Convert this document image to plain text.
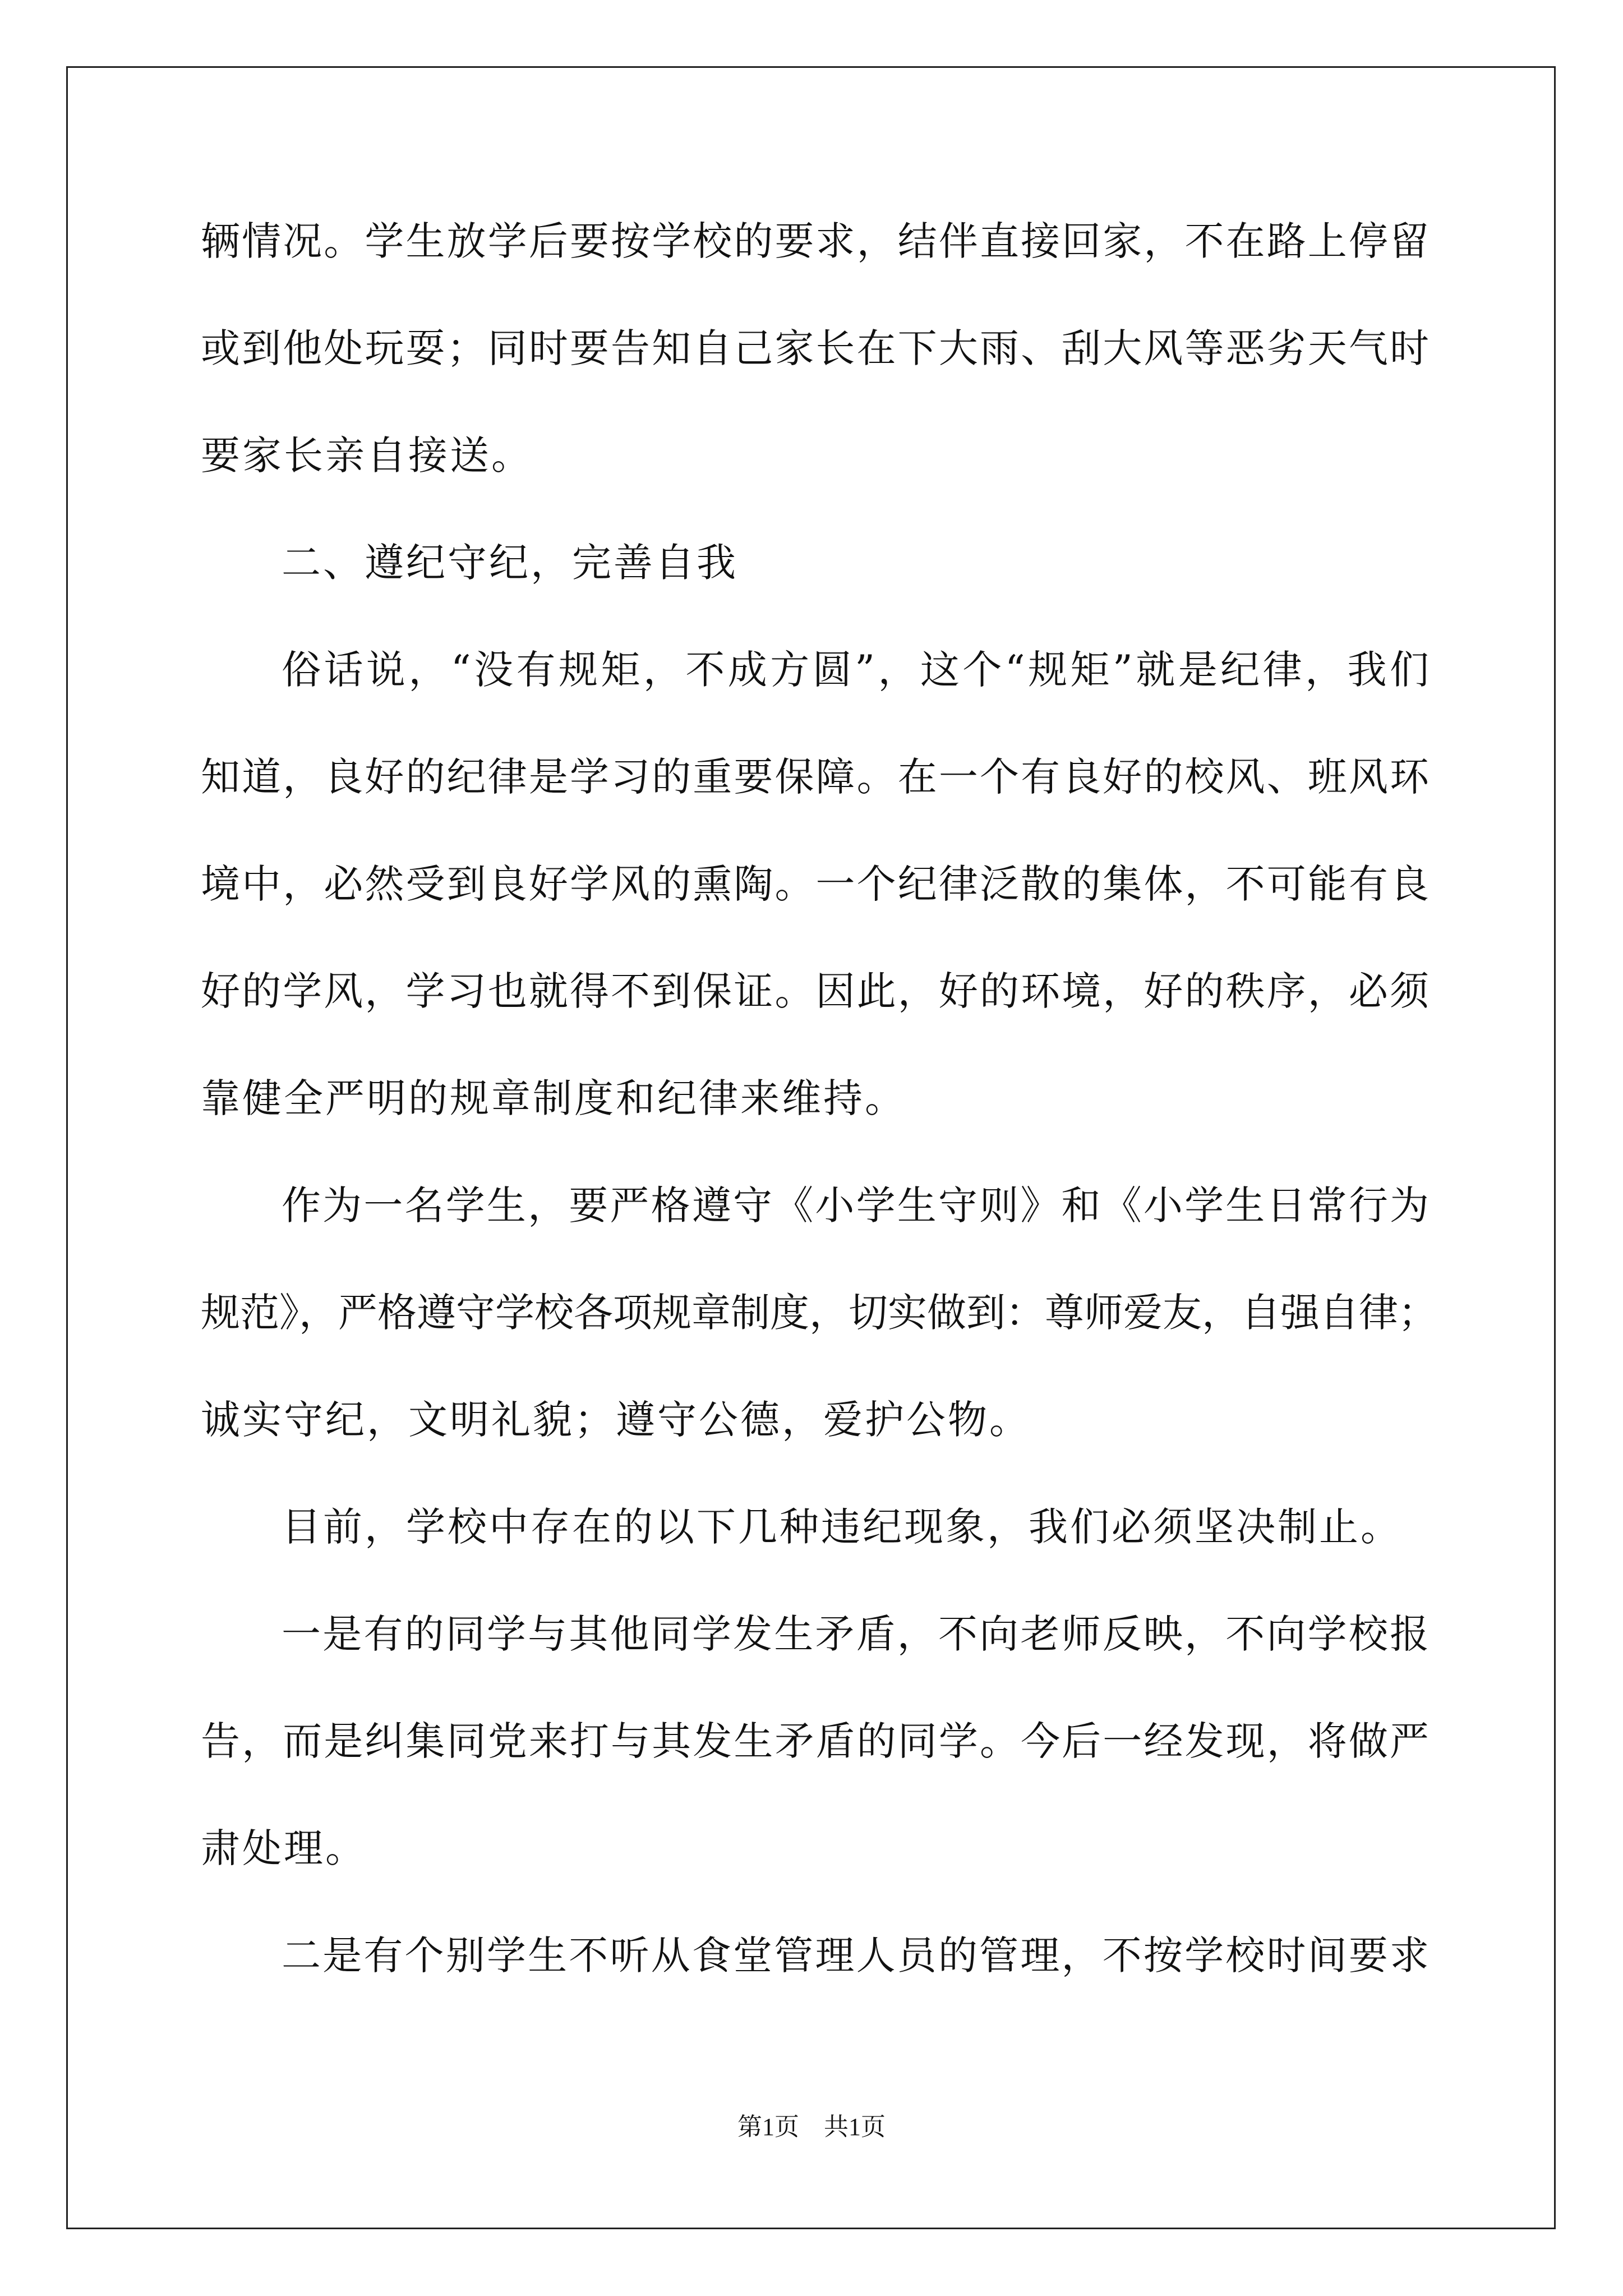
辆情况。学生放学后要按学校的要求，结伴直接回家，不在路上停留
或到他处玩耍；同时要告知自己家长在下大雨、刮大风等恶劣天气时
要家长亲自接送。
二、遵纪守纪，完善自我
俗话说，“没有规矩，不成方圆”，这个“规矩”就是纪律，我们
知道，良好的纪律是学习的重要保障。在一个有良好的校风、班风环
境中，必然受到良好学风的熏陶。一个纪律泛散的集体，不可能有良
好的学风，学习也就得不到保证。因此，好的环境，好的秩序，必须
靠健全严明的规章制度和纪律来维持。
作为一名学生，要严格遵守《小学生守则》和《小学生日常行为
规范》，严格遵守学校各项规章制度，切实做到：尊师爱友，自强自律；
诚实守纪，文明礼貌；遵守公德，爱护公物。
目前，学校中存在的以下几种违纪现象，我们必须坚决制止。
一是有的同学与其他同学发生矛盾，不向老师反映，不向学校报
告，而是纠集同党来打与其发生矛盾的同学。今后一经发现，将做严
肃处理。
二是有个别学生不听从食堂管理人员的管理，不按学校时间要求
第1页　共1页
